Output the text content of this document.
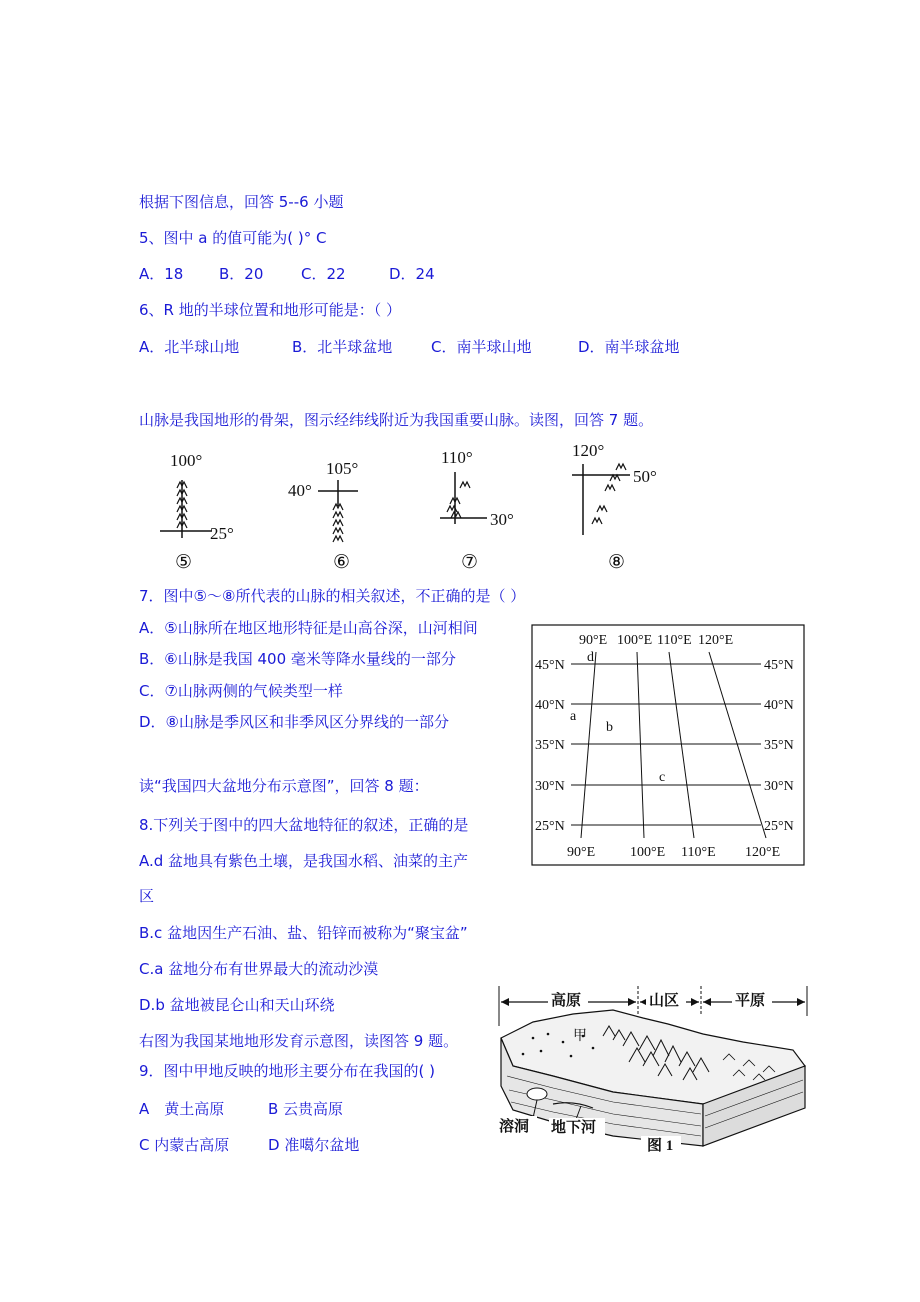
根据下图信息，回答 5--6 小题
5、图中 a 的值可能为( )° C
A．18 B．20	C．22	D．24
6、R 地的半球位置和地形可能是：（ ）
A．北半球山地	B．北半球盆地	C．南半球山地	D．南半球盆地
山脉是我国地形的骨架，图示经纬线附近为我国重要山脉。读图，回答 7 题。
100°
25°
⑤
105°
40°
⑥
110°
30°
⑦
120°
50°
⑧
7．图中⑤～⑧所代表的山脉的相关叙述，不正确的是（ ）
A．⑤山脉所在地区地形特征是山高谷深，山河相间
B．⑥山脉是我国 400 毫米等降水量线的一部分
C．⑦山脉两侧的气候类型一样
D．⑧山脉是季风区和非季风区分界线的一部分
90°E 100°E 110°E 120°E
45°N
40°N
35°N
30°N
25°N
45°N
40°N
35°N
30°N
25°N
90°E 100°E 110°E 120°E
d
a
b
c
读“我国四大盆地分布示意图”，回答 8 题：
8.下列关于图中的四大盆地特征的叙述，正确的是
A.d 盆地具有紫色土壤，是我国水稻、油菜的主产
区
B.c 盆地因生产石油、盐、铅锌而被称为“聚宝盆”
C.a 盆地分布有世界最大的流动沙漠
D.b 盆地被昆仑山和天山环绕
右图为我国某地地形发育示意图，读图答 9 题。
9．图中甲地反映的地形主要分布在我国的( )
A　黄土高原	B 云贵高原
C 内蒙古高原	D 准噶尔盆地
高原	山区	平原
甲
溶洞 地下河
图 1
